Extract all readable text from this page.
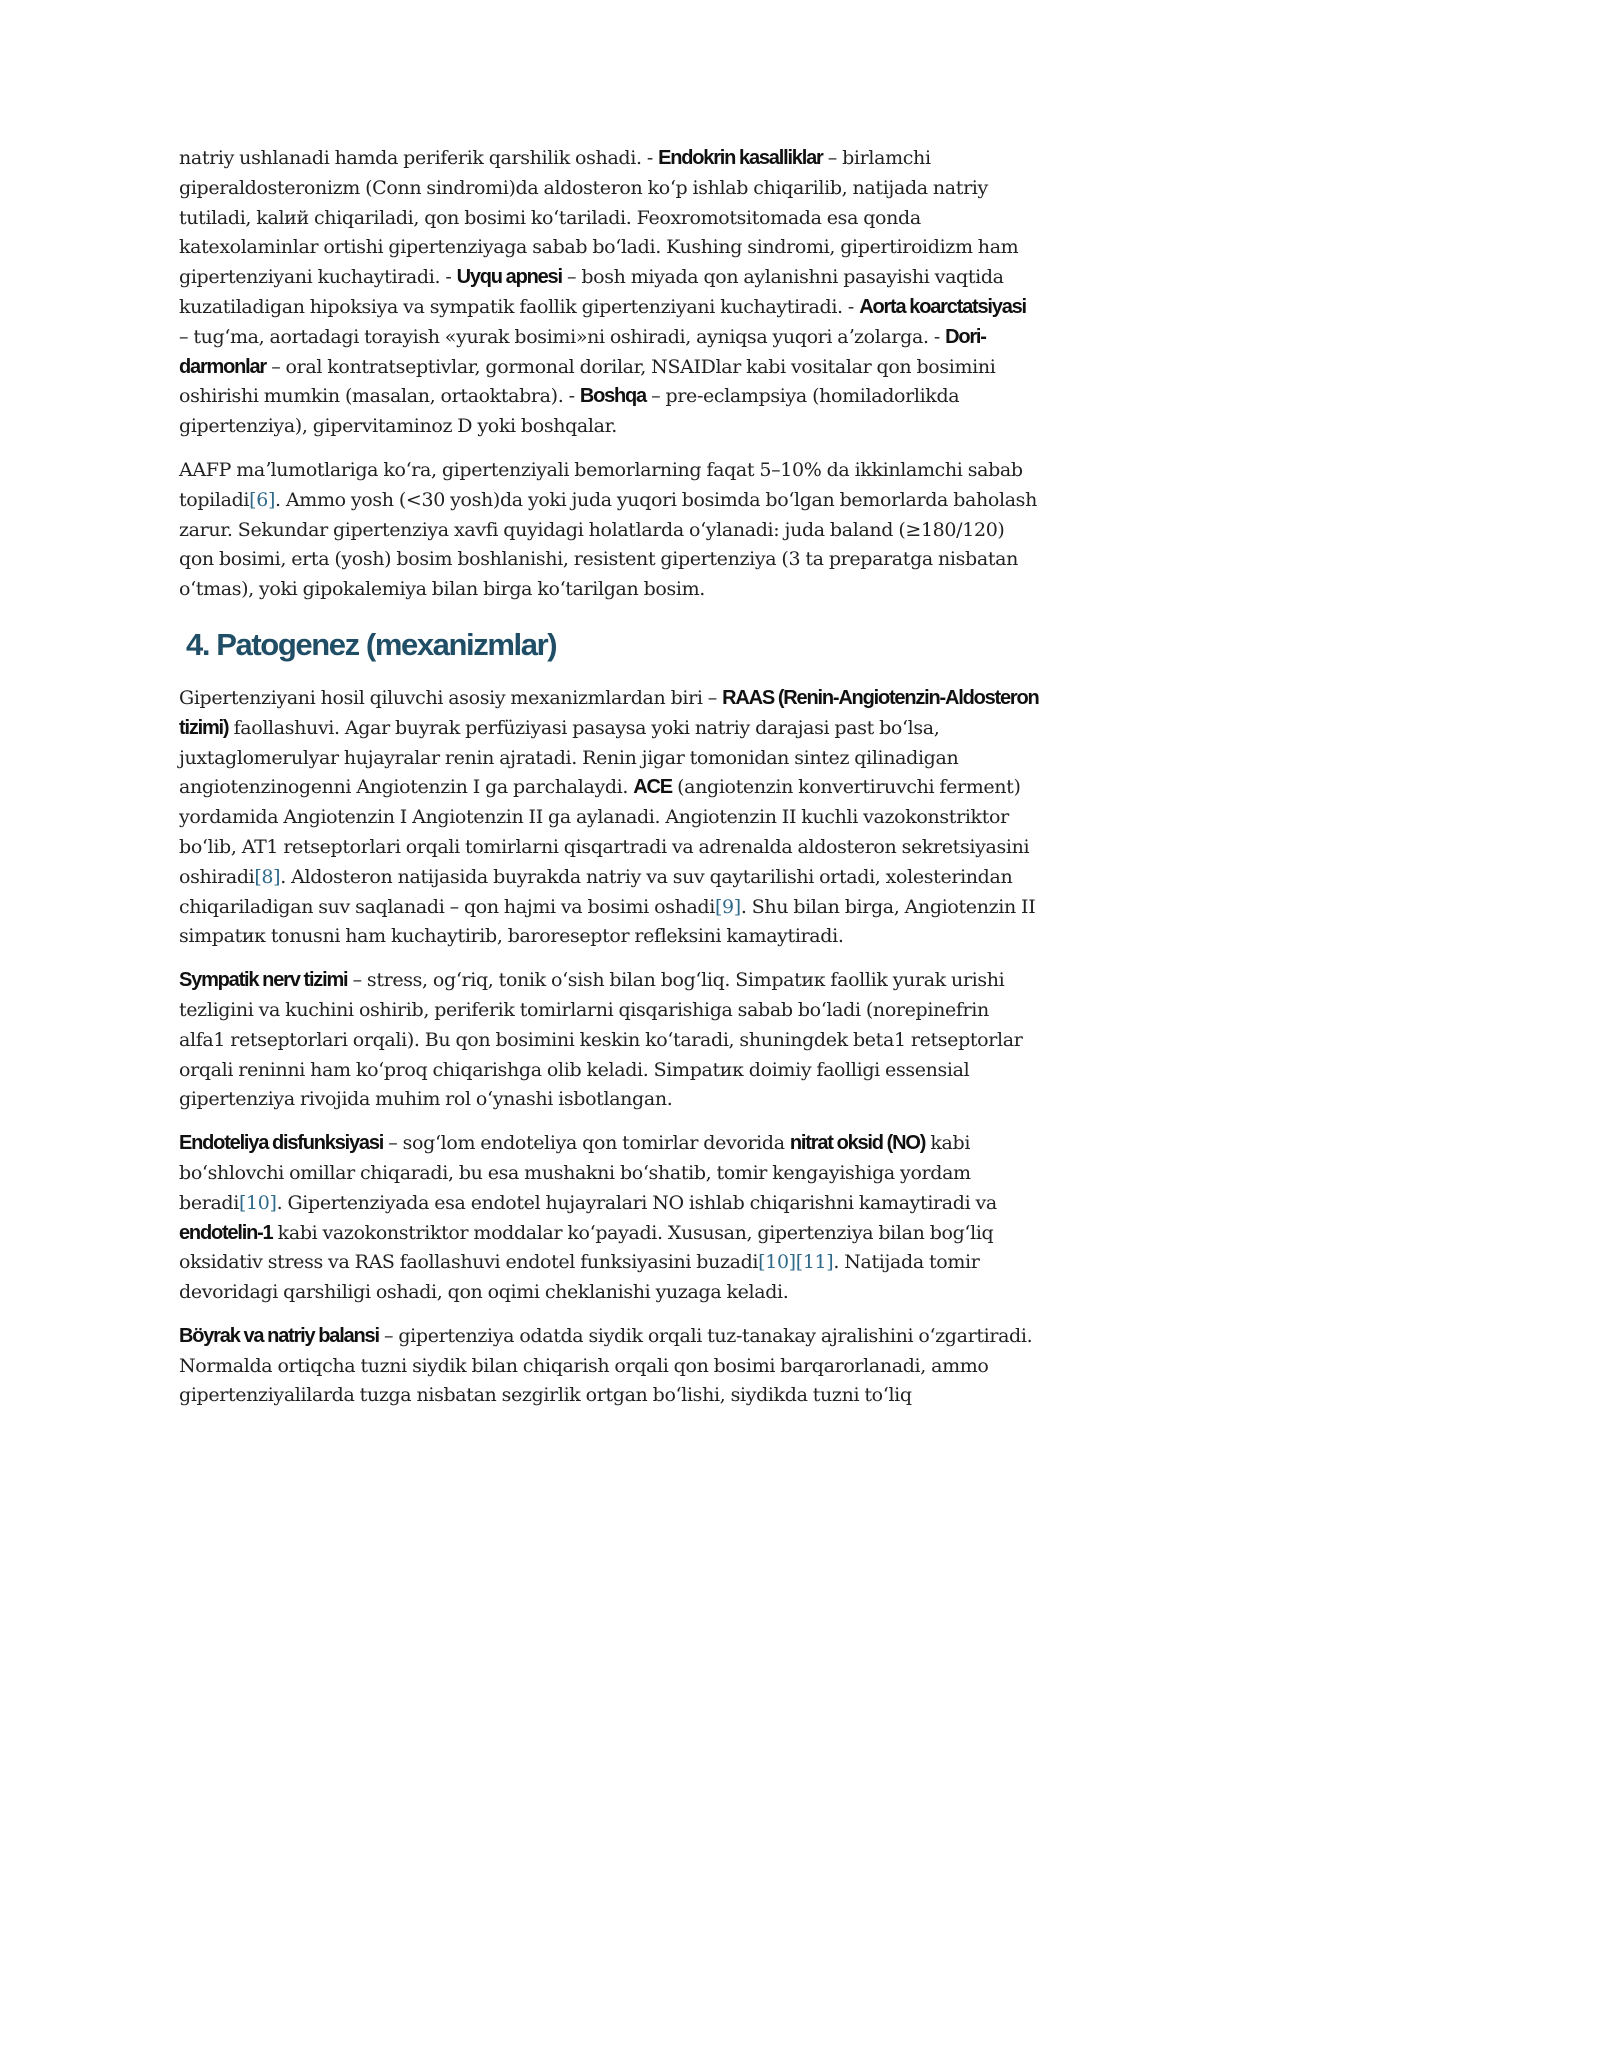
natriy ushlanadi hamda periferik qarshilik oshadi. - Endokrin kasalliklar – birlamchi giperaldosteronizm (Conn sindromi)da aldosteron koʻp ishlab chiqarilib, natijada natriy tutiladi, kalий chiqariladi, qon bosimi koʻtariladi. Feoxromotsitomada esa qonda katexolaminlar ortishi gipertenziyaga sabab boʻladi. Kushing sindromi, gipertiroidizm ham gipertenziyani kuchaytiradi. - Uyqu apnesi – bosh miyada qon aylanishni pasayishi vaqtida kuzatiladigan hipoksiya va sympatik faollik gipertenziyani kuchaytiradi. - Aorta koarctatsiyasi – tugʻma, aortadagi torayish «yurak bosimi»ni oshiradi, ayniqsa yuqori aʼzolarga. - Dori-darmonlar – oral kontratseptivlar, gormonal dorilar, NSAIDlar kabi vositalar qon bosimini oshirishi mumkin (masalan, ortaoktabra). - Boshqa – pre-eclampsiya (homiladorlikda gipertenziya), gipervitaminoz D yoki boshqalar.

AAFP maʼlumotlariga koʻra, gipertenziyali bemorlarning faqat 5–10% da ikkinlamchi sabab topiladi[6]. Ammo yosh (<30 yosh)da yoki juda yuqori bosimda boʻlgan bemorlarda baholash zarur. Sekundar gipertenziya xavfi quyidagi holatlarda oʻylanadi: juda baland (≥180/120) qon bosimi, erta (yosh) bosim boshlanishi, resistent gipertenziya (3 ta preparatga nisbatan oʻtmas), yoki gipokalemiya bilan birga koʻtarilgan bosim.

4. Patogenez (mexanizmlar)

Gipertenziyani hosil qiluvchi asosiy mexanizmlardan biri – RAAS (Renin-Angiotenzin-Aldosteron tizimi) faollashuvi. Agar buyrak perfüziyasi pasaysa yoki natriy darajasi past boʻlsa, juxtaglomerulyar hujayralar renin ajratadi. Renin jigar tomonidan sintez qilinadigan angiotenzinogenni Angiotenzin I ga parchalaydi. ACE (angiotenzin konvertiruvchi ferment) yordamida Angiotenzin I Angiotenzin II ga aylanadi. Angiotenzin II kuchli vazokonstriktor boʻlib, AT1 retseptorlari orqali tomirlarni qisqartradi va adrenalda aldosteron sekretsiyasini oshiradi[8]. Aldosteron natijasida buyrakda natriy va suv qaytarilishi ortadi, xolesterindan chiqariladigan suv saqlanadi – qon hajmi va bosimi oshadi[9]. Shu bilan birga, Angiotenzin II simpatик tonusni ham kuchaytirib, baroreseptor refleksini kamaytiradi.

Sympatik nerv tizimi – stress, ogʻriq, tonik oʻsish bilan bogʻliq. Simpatик faollik yurak urishi tezligini va kuchini oshirib, periferik tomirlarni qisqarishiga sabab boʻladi (norepinefrin alfa1 retseptorlari orqali). Bu qon bosimini keskin koʻtaradi, shuningdek beta1 retseptorlar orqali reninni ham koʻproq chiqarishga olib keladi. Simpatик doimiy faolligi essensial gipertenziya rivojida muhim rol oʻynashi isbotlangan.

Endoteliya disfunksiyasi – sogʻlom endoteliya qon tomirlar devorida nitrat oksid (NO) kabi boʻshlovchi omillar chiqaradi, bu esa mushakni boʻshatib, tomir kengayishiga yordam beradi[10]. Gipertenziyada esa endotel hujayralari NO ishlab chiqarishni kamaytiradi va endotelin-1 kabi vazokonstriktor moddalar koʻpayadi. Xususan, gipertenziya bilan bogʻliq oksidativ stress va RAS faollashuvi endotel funksiyasini buzadi[10][11]. Natijada tomir devoridagi qarshiligi oshadi, qon oqimi cheklanishi yuzaga keladi.

Böyrak va natriy balansi – gipertenziya odatda siydik orqali tuz-tanakay ajralishini oʻzgartiradi. Normalda ortiqcha tuzni siydik bilan chiqarish orqali qon bosimi barqarorlanadi, ammo gipertenziyalilarda tuzga nisbatan sezgirlik ortgan boʻlishi, siydikda tuzni toʻliq
